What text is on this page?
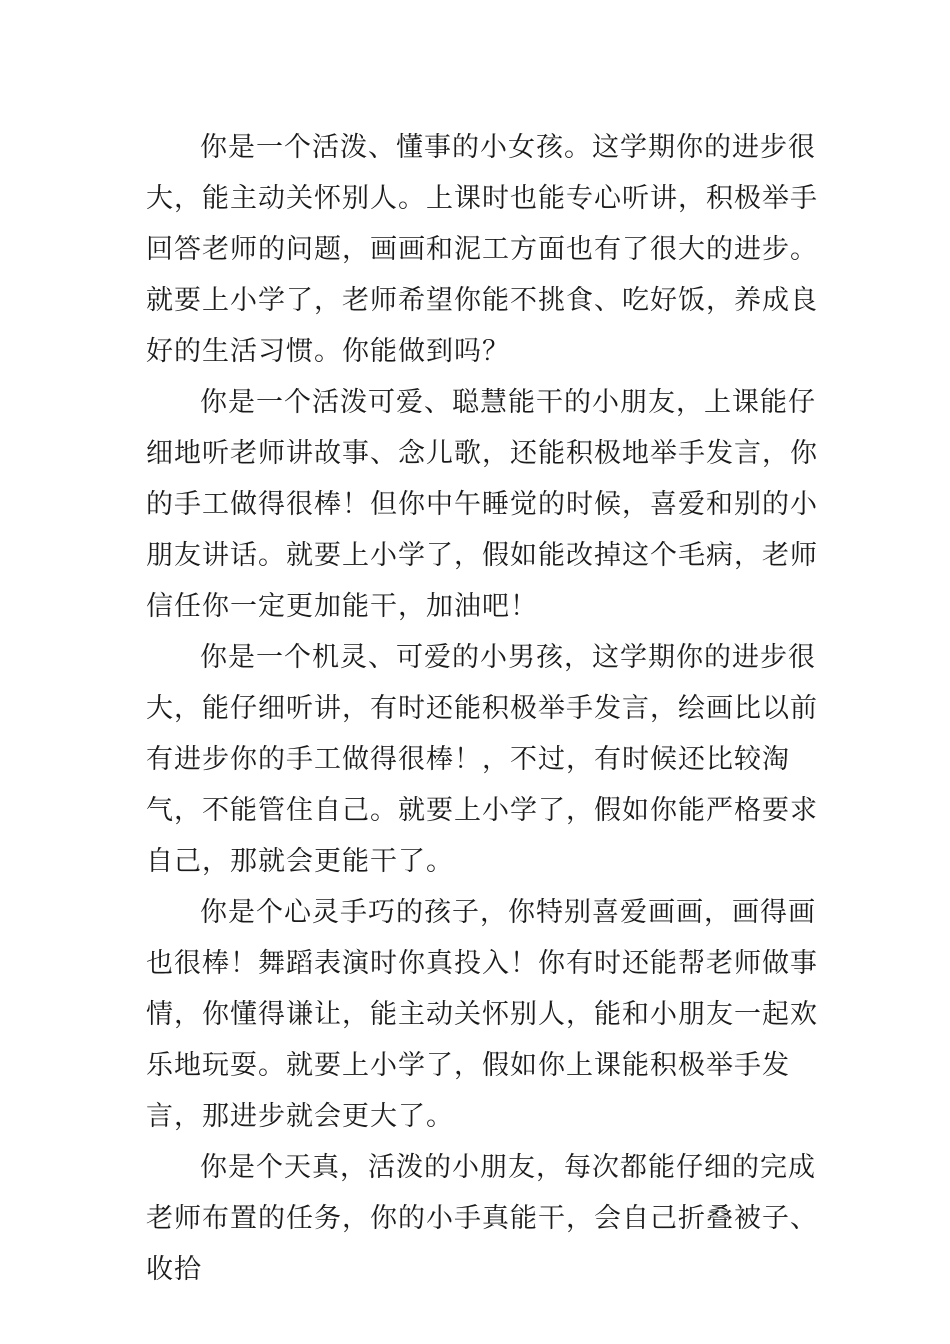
你是一个活泼、懂事的小女孩。这学期你的进步很大，能主动关怀别人。上课时也能专心听讲，积极举手回答老师的问题，画画和泥工方面也有了很大的进步。就要上小学了，老师希望你能不挑食、吃好饭，养成良好的生活习惯。你能做到吗？

你是一个活泼可爱、聪慧能干的小朋友，上课能仔细地听老师讲故事、念儿歌，还能积极地举手发言，你的手工做得很棒！但你中午睡觉的时候，喜爱和别的小朋友讲话。就要上小学了，假如能改掉这个毛病，老师信任你一定更加能干，加油吧！

你是一个机灵、可爱的小男孩，这学期你的进步很大，能仔细听讲，有时还能积极举手发言，绘画比以前有进步你的手工做得很棒！，不过，有时候还比较淘气，不能管住自己。就要上小学了，假如你能严格要求自己，那就会更能干了。

你是个心灵手巧的孩子，你特别喜爱画画，画得画也很棒！舞蹈表演时你真投入！你有时还能帮老师做事情，你懂得谦让，能主动关怀别人，能和小朋友一起欢乐地玩耍。就要上小学了，假如你上课能积极举手发言，那进步就会更大了。

你是个天真，活泼的小朋友，每次都能仔细的完成老师布置的任务，你的小手真能干，会自己折叠被子、收拾
